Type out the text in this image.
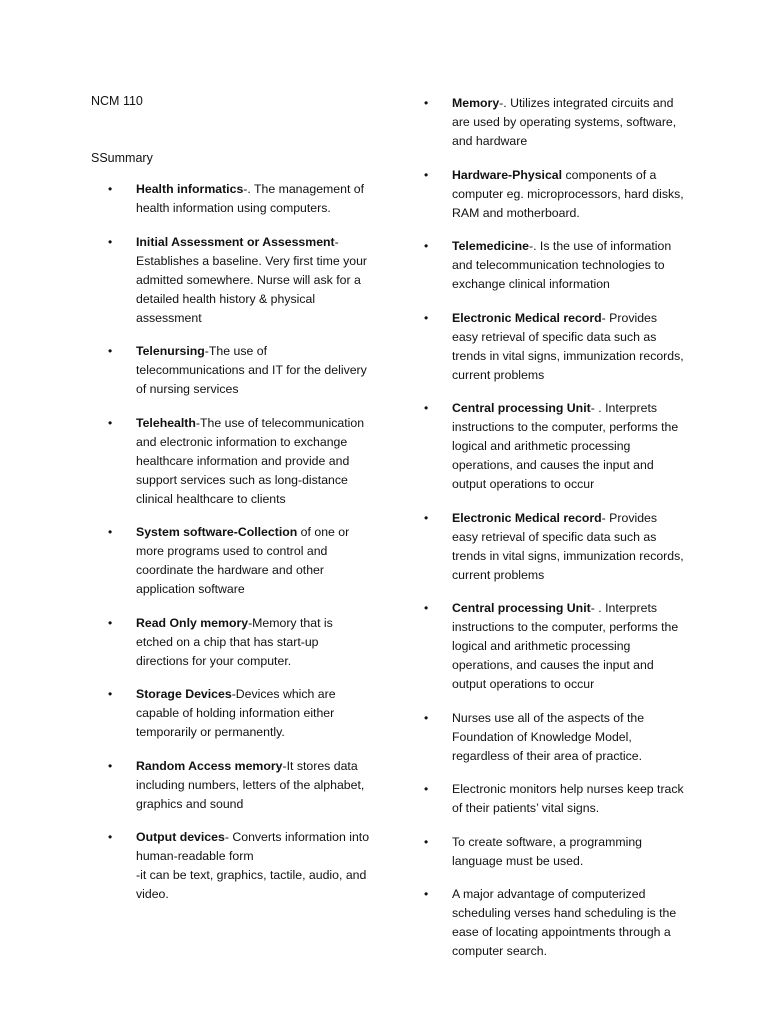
NCM 110
SSummary
• Health informatics-. The management of health information using computers.
• Initial Assessment or Assessment-Establishes a baseline. Very first time your admitted somewhere. Nurse will ask for a detailed health history & physical assessment
• Telenursing-The use of telecommunications and IT for the delivery of nursing services
• Telehealth-The use of telecommunication and electronic information to exchange healthcare information and provide and support services such as long-distance clinical healthcare to clients
• System software-Collection of one or more programs used to control and coordinate the hardware and other application software
• Read Only memory-Memory that is etched on a chip that has start-up directions for your computer.
• Storage Devices-Devices which are capable of holding information either temporarily or permanently.
• Random Access memory-It stores data including numbers, letters of the alphabet, graphics and sound
• Output devices- Converts information into human-readable form
-it can be text, graphics, tactile, audio, and video.
• Memory-. Utilizes integrated circuits and are used by operating systems, software, and hardware
• Hardware-Physical components of a computer eg. microprocessors, hard disks, RAM and motherboard.
• Telemedicine-. Is the use of information and telecommunication technologies to exchange clinical information
• Electronic Medical record- Provides easy retrieval of specific data such as trends in vital signs, immunization records, current problems
• Central processing Unit- . Interprets instructions to the computer, performs the logical and arithmetic processing operations, and causes the input and output operations to occur
• Electronic Medical record- Provides easy retrieval of specific data such as trends in vital signs, immunization records, current problems
• Central processing Unit- . Interprets instructions to the computer, performs the logical and arithmetic processing operations, and causes the input and output operations to occur
• Nurses use all of the aspects of the Foundation of Knowledge Model, regardless of their area of practice.
• Electronic monitors help nurses keep track of their patients’ vital signs.
• To create software, a programming language must be used.
• A major advantage of computerized scheduling verses hand scheduling is the ease of locating appointments through a computer search.
